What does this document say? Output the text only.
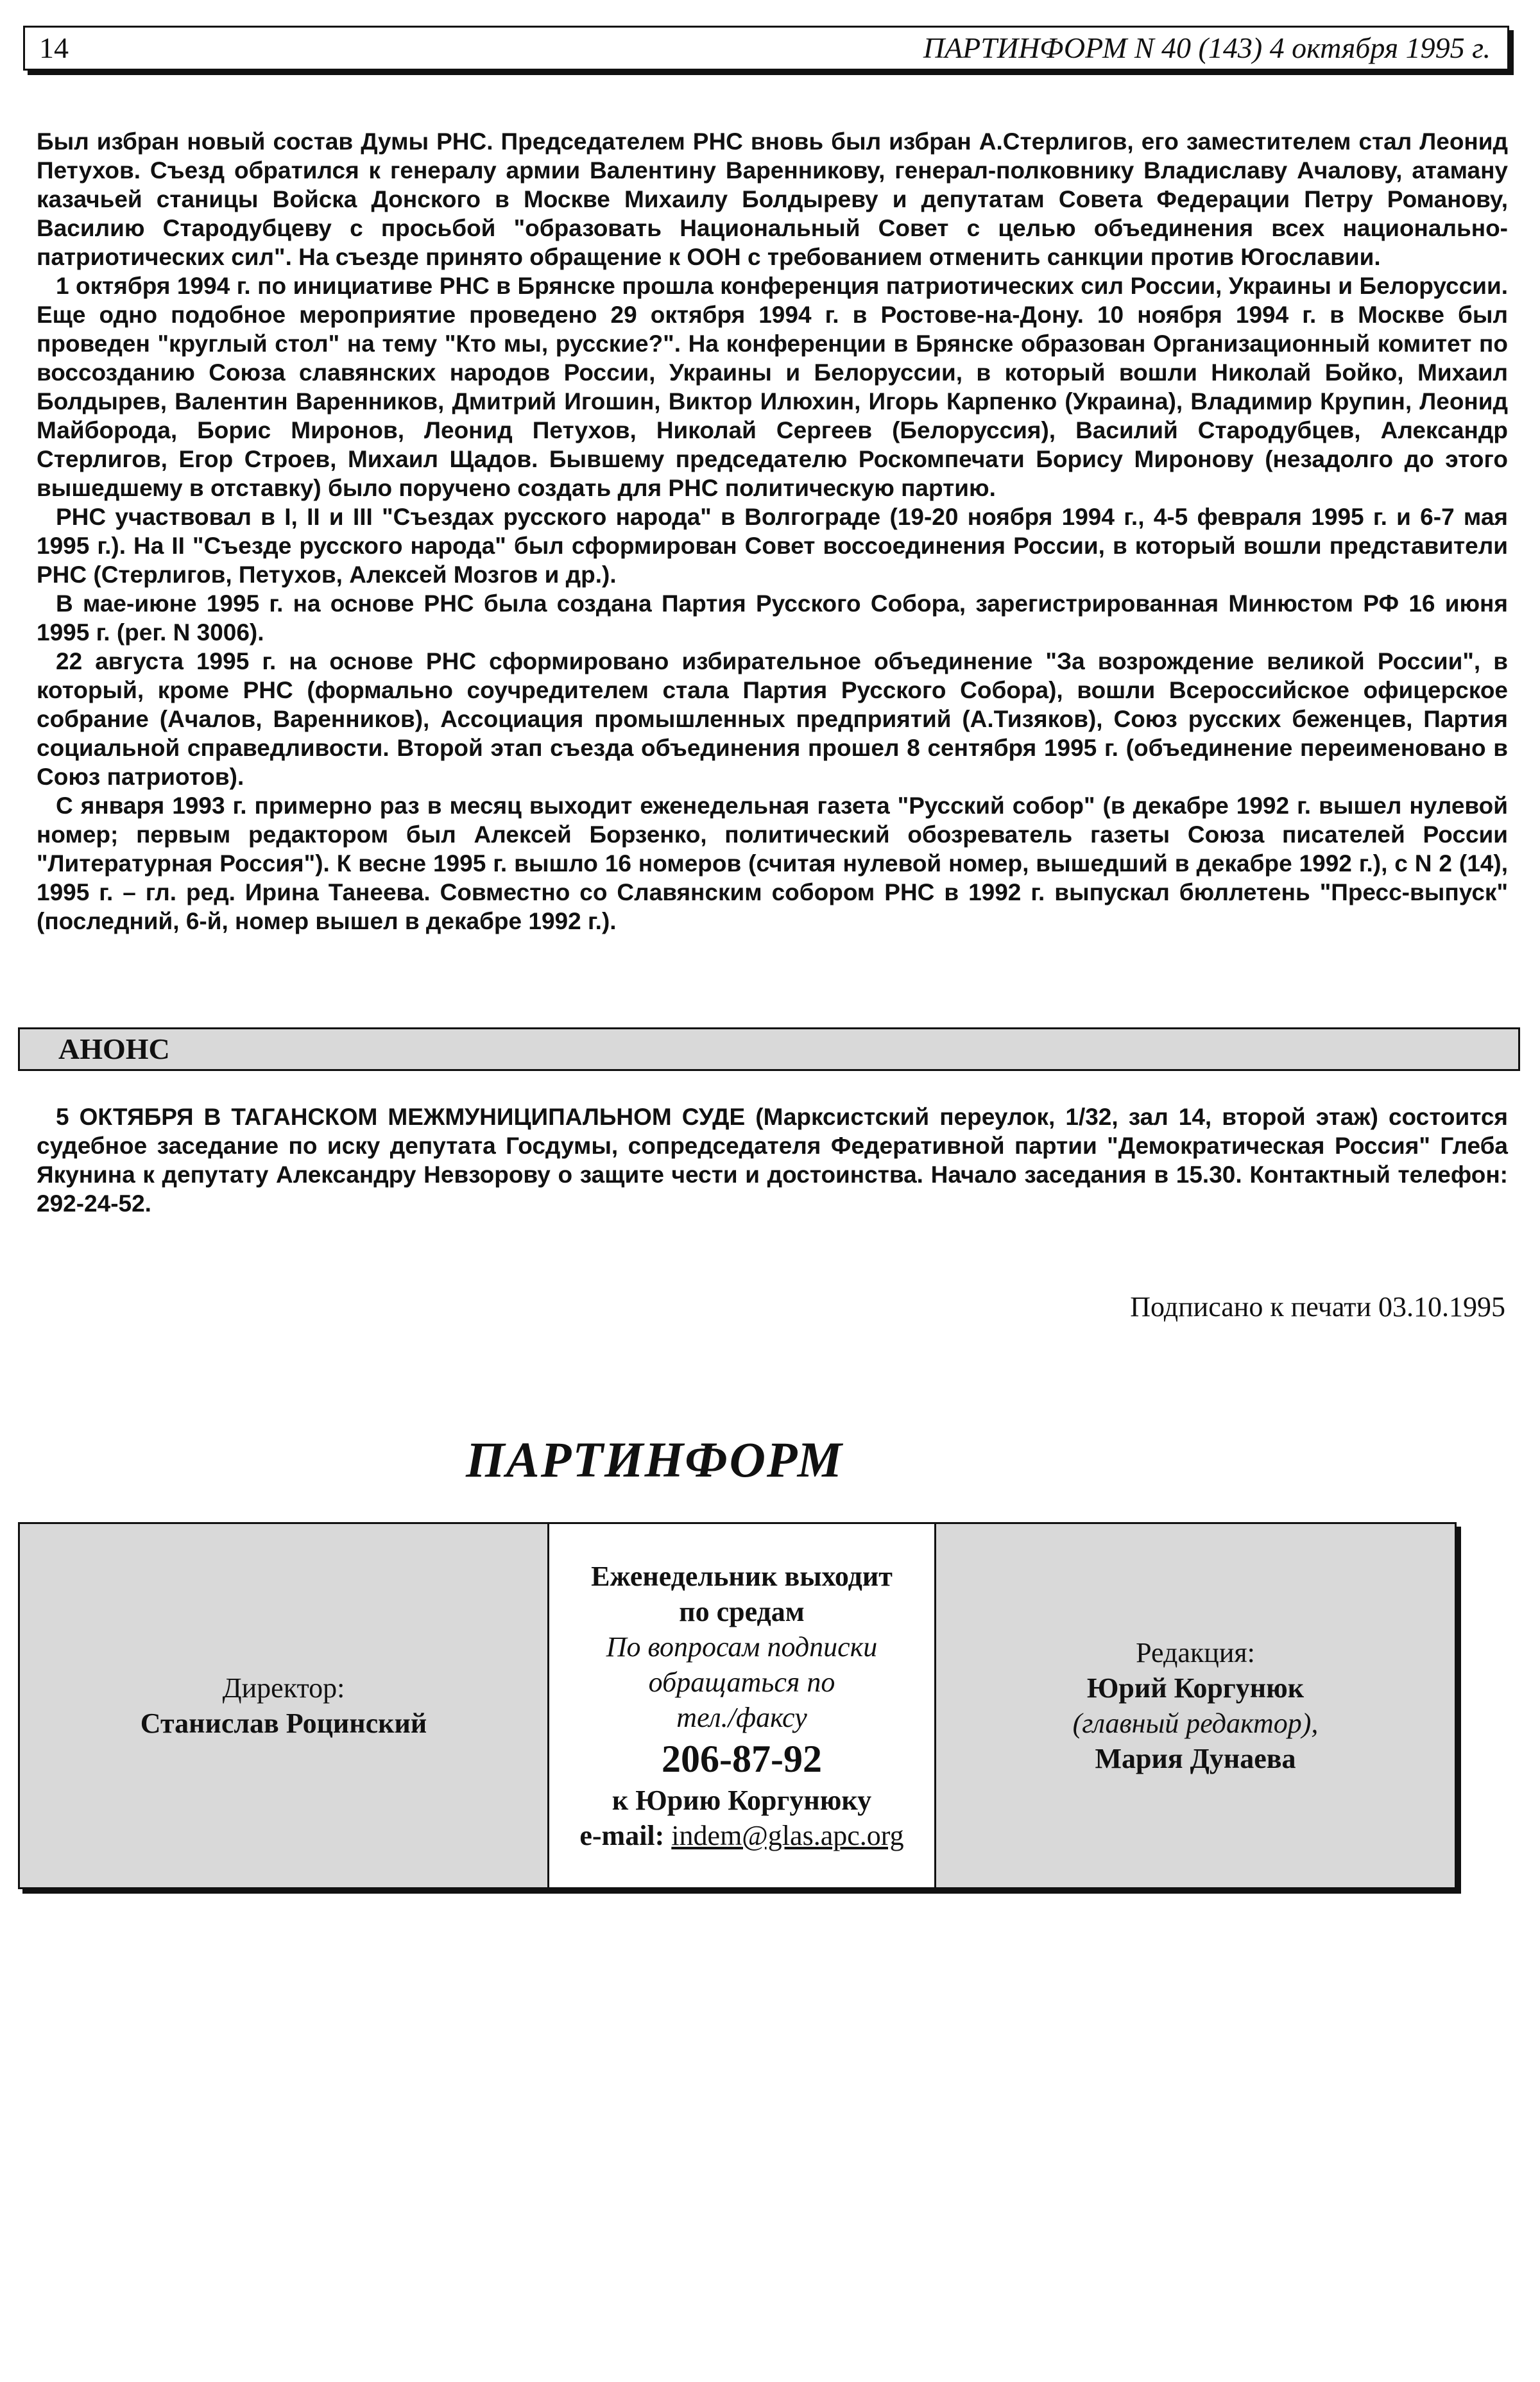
14	ПАРТИНФОРМ N 40 (143) 4 октября 1995 г.

Был избран новый состав Думы РНС. Председателем РНС вновь был избран А.Стерлигов, его заместителем стал Леонид Петухов. Съезд обратился к генералу армии Валентину Варенникову, генерал-полковнику Владиславу Ачалову, атаману казачьей станицы Войска Донского в Москве Михаилу Болдыреву и депутатам Совета Федерации Петру Романову, Василию Стародубцеву с просьбой "образовать Национальный Совет с целью объединения всех национально-патриотических сил". На съезде принято обращение к ООН с требованием отменить санкции против Югославии.

1 октября 1994 г. по инициативе РНС в Брянске прошла конференция патриотических сил России, Украины и Белоруссии. Еще одно подобное мероприятие проведено 29 октября 1994 г. в Ростове-на-Дону. 10 ноября 1994 г. в Москве был проведен "круглый стол" на тему "Кто мы, русские?". На конференции в Брянске образован Организационный комитет по воссозданию Союза славянских народов России, Украины и Белоруссии, в который вошли Николай Бойко, Михаил Болдырев, Валентин Варенников, Дмитрий Игошин, Виктор Илюхин, Игорь Карпенко (Украина), Владимир Крупин, Леонид Майборода, Борис Миронов, Леонид Петухов, Николай Сергеев (Белоруссия), Василий Стародубцев, Александр Стерлигов, Егор Строев, Михаил Щадов. Бывшему председателю Роскомпечати Борису Миронову (незадолго до этого вышедшему в отставку) было поручено создать для РНС политическую партию.

РНС участвовал в I, II и III "Съездах русского народа" в Волгограде (19-20 ноября 1994 г., 4-5 февраля 1995 г. и 6-7 мая 1995 г.). На II "Съезде русского народа" был сформирован Совет воссоединения России, в который вошли представители РНС (Стерлигов, Петухов, Алексей Мозгов и др.).

В мае-июне 1995 г. на основе РНС была создана Партия Русского Собора, зарегистрированная Минюстом РФ 16 июня 1995 г. (рег. N 3006).

22 августа 1995 г. на основе РНС сформировано избирательное объединение "За возрождение великой России", в который, кроме РНС (формально соучредителем стала Партия Русского Собора), вошли Всероссийское офицерское собрание (Ачалов, Варенников), Ассоциация промышленных предприятий (А.Тизяков), Союз русских беженцев, Партия социальной справедливости. Второй этап съезда объединения прошел 8 сентября 1995 г. (объединение переименовано в Союз патриотов).

С января 1993 г. примерно раз в месяц выходит еженедельная газета "Русский собор" (в декабре 1992 г. вышел нулевой номер; первым редактором был Алексей Борзенко, политический обозреватель газеты Союза писателей России "Литературная Россия"). К весне 1995 г. вышло 16 номеров (считая нулевой номер, вышедший в декабре 1992 г.), с N 2 (14), 1995 г. – гл. ред. Ирина Танеева. Совместно со Славянским собором РНС в 1992 г. выпускал бюллетень "Пресс-выпуск" (последний, 6-й, номер вышел в декабре 1992 г.).

АНОНС

5 ОКТЯБРЯ В ТАГАНСКОМ МЕЖМУНИЦИПАЛЬНОМ СУДЕ (Марксистский переулок, 1/32, зал 14, второй этаж) состоится судебное заседание по иску депутата Госдумы, сопредседателя Федеративной партии "Демократическая Россия" Глеба Якунина к депутату Александру Невзорову о защите чести и достоинства. Начало заседания в 15.30. Контактный телефон: 292-24-52.

Подписано к печати 03.10.1995
ПАРТИНФОРМ
Директор:
Станислав Роцинский
Еженедельник выходит
по средам
По вопросам подписки
обращаться по
тел./факсу
206-87-92
к Юрию Коргунюку
e-mail: indem@glas.apc.org
Редакция:
Юрий Коргунюк
(главный редактор),
Мария Дунаева
